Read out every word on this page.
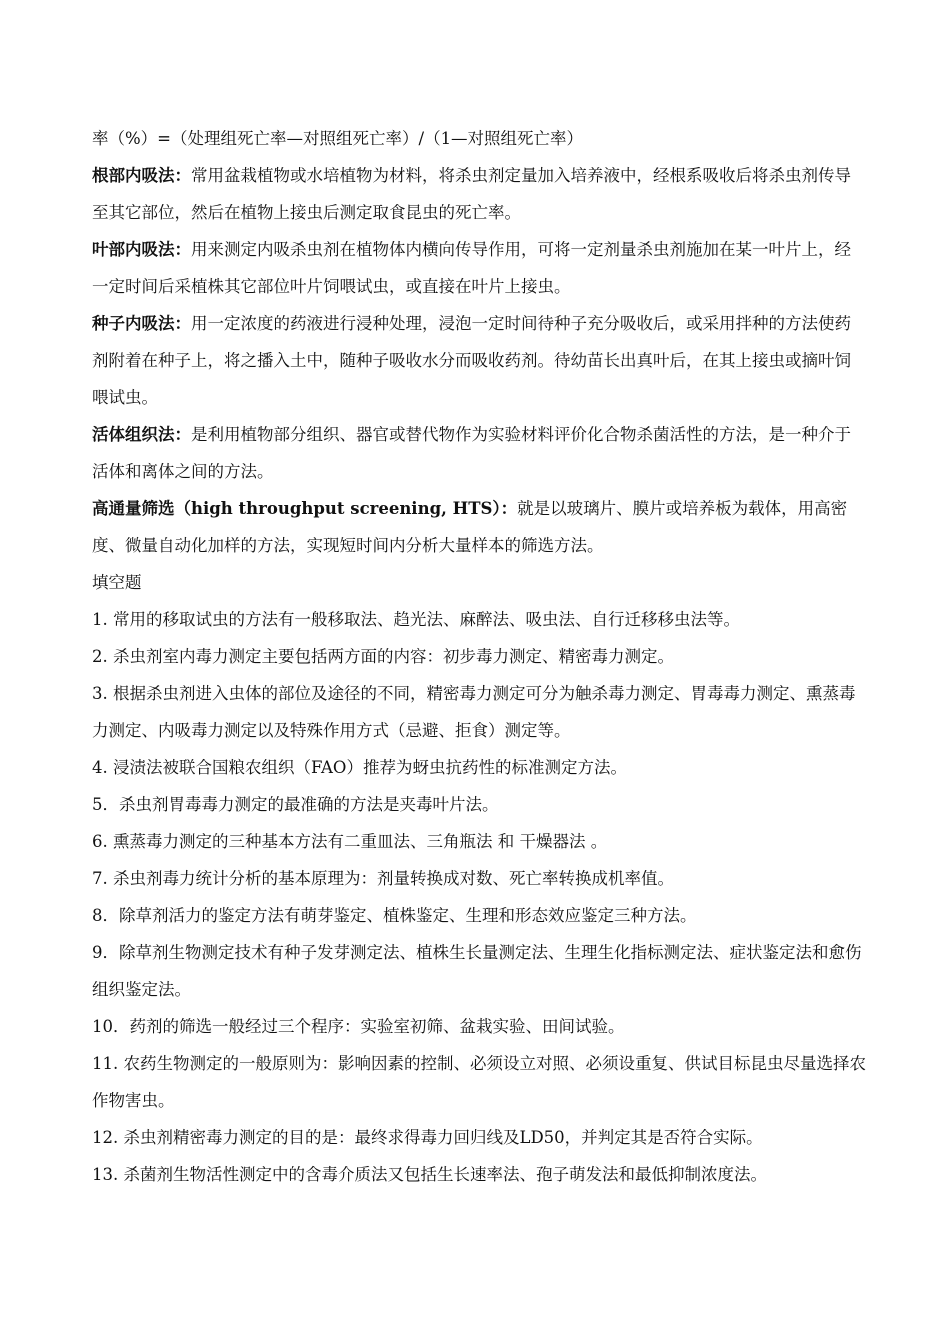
率（%）=（处理组死亡率—对照组死亡率）/（1—对照组死亡率）

根部内吸法：常用盆栽植物或水培植物为材料，将杀虫剂定量加入培养液中，经根系吸收后将杀虫剂传导至其它部位，然后在植物上接虫后测定取食昆虫的死亡率。

叶部内吸法：用来测定内吸杀虫剂在植物体内横向传导作用，可将一定剂量杀虫剂施加在某一叶片上，经一定时间后采植株其它部位叶片饲喂试虫，或直接在叶片上接虫。

种子内吸法：用一定浓度的药液进行浸种处理，浸泡一定时间待种子充分吸收后，或采用拌种的方法使药剂附着在种子上，将之播入土中，随种子吸收水分而吸收药剂。待幼苗长出真叶后，在其上接虫或摘叶饲喂试虫。

活体组织法：是利用植物部分组织、器官或替代物作为实验材料评价化合物杀菌活性的方法，是一种介于活体和离体之间的方法。

高通量筛选（high throughput screening, HTS）：就是以玻璃片、膜片或培养板为载体，用高密度、微量自动化加样的方法，实现短时间内分析大量样本的筛选方法。

填空题

1. 常用的移取试虫的方法有一般移取法、趋光法、麻醉法、吸虫法、自行迁移移虫法等。

2. 杀虫剂室内毒力测定主要包括两方面的内容：初步毒力测定、精密毒力测定。

3. 根据杀虫剂进入虫体的部位及途径的不同，精密毒力测定可分为触杀毒力测定、胃毒毒力测定、熏蒸毒力测定、内吸毒力测定以及特殊作用方式（忌避、拒食）测定等。

4. 浸渍法被联合国粮农组织（FAO）推荐为蚜虫抗药性的标准测定方法。

5．杀虫剂胃毒毒力测定的最准确的方法是夹毒叶片法。

6. 熏蒸毒力测定的三种基本方法有二重皿法、三角瓶法 和 干燥器法 。

7. 杀虫剂毒力统计分析的基本原理为：剂量转换成对数、死亡率转换成机率值。

8．除草剂活力的鉴定方法有萌芽鉴定、植株鉴定、生理和形态效应鉴定三种方法。

9．除草剂生物测定技术有种子发芽测定法、植株生长量测定法、生理生化指标测定法、症状鉴定法和愈伤组织鉴定法。

10．药剂的筛选一般经过三个程序：实验室初筛、盆栽实验、田间试验。

11. 农药生物测定的一般原则为：影响因素的控制、必须设立对照、必须设重复、供试目标昆虫尽量选择农作物害虫。

12. 杀虫剂精密毒力测定的目的是：最终求得毒力回归线及LD50，并判定其是否符合实际。

13. 杀菌剂生物活性测定中的含毒介质法又包括生长速率法、孢子萌发法和最低抑制浓度法。
